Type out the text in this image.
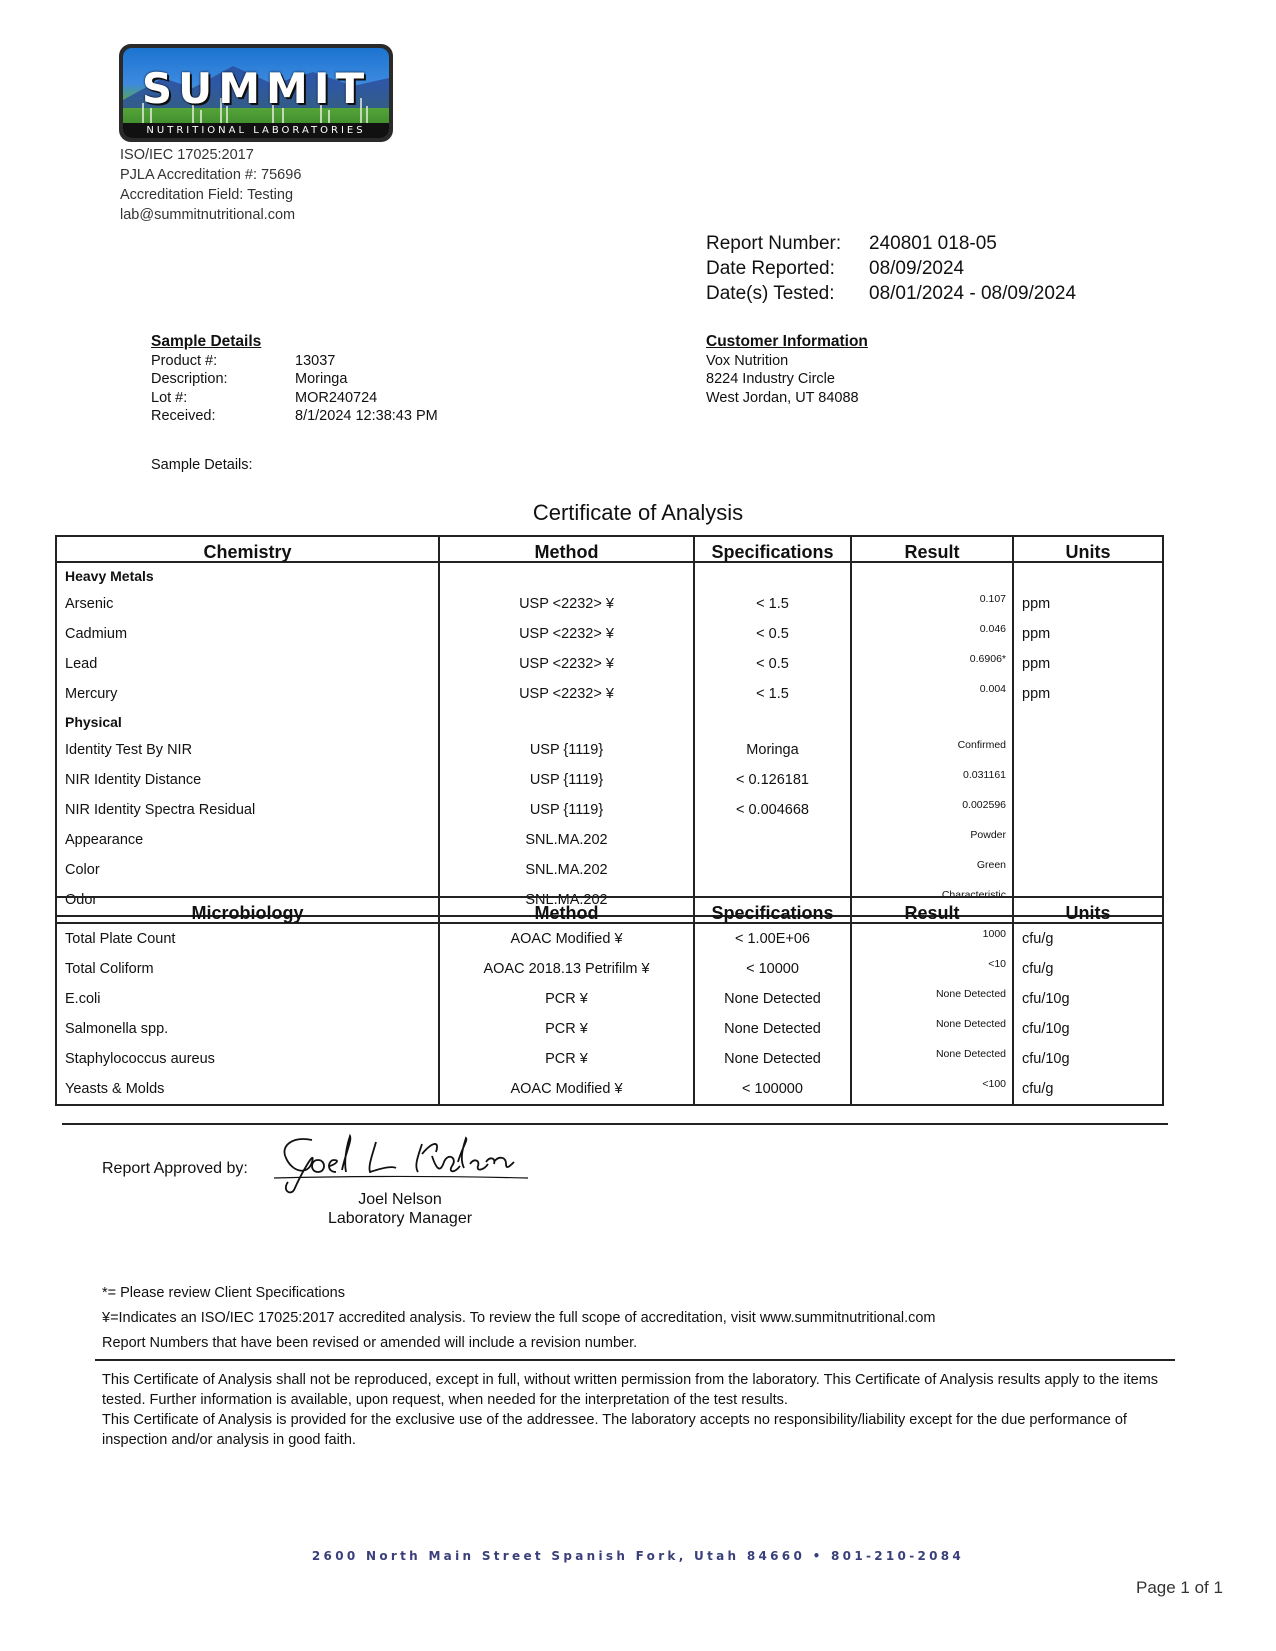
SUMMIT
NUTRITIONAL LABORATORIES
ISO/IEC 17025:2017
PJLA Accreditation #: 75696
Accreditation Field: Testing
lab@summitnutritional.com
Report Number:	240801 018-05
Date Reported:	08/09/2024
Date(s) Tested:	08/01/2024 - 08/09/2024
Sample Details
Product #:	13037
Description:	Moringa
Lot #:	MOR240724
Received:	8/1/2024 12:38:43 PM
Customer Information
Vox Nutrition
8224 Industry Circle
West Jordan, UT 84088
Sample Details:
Certificate of Analysis
Chemistry	Method	Specifications	Result	Units
Heavy Metals				
Arsenic	USP <2232> ¥	< 1.5	0.107	ppm
Cadmium	USP <2232> ¥	< 0.5	0.046	ppm
Lead	USP <2232> ¥	< 0.5	0.6906*	ppm
Mercury	USP <2232> ¥	< 1.5	0.004	ppm
Physical				
Identity Test By NIR	USP {1119}	Moringa	Confirmed	
NIR Identity Distance	USP {1119}	< 0.126181	0.031161	
NIR Identity Spectra Residual	USP {1119}	< 0.004668	0.002596	
Appearance	SNL.MA.202		Powder	
Color	SNL.MA.202		Green	
Odor	SNL.MA.202		Characteristic	
Microbiology	Method	Specifications	Result	Units
Total Plate Count	AOAC Modified ¥	< 1.00E+06	1000	cfu/g
Total Coliform	AOAC 2018.13 Petrifilm ¥	< 10000	<10	cfu/g
E.coli	PCR ¥	None Detected	None Detected	cfu/10g
Salmonella spp.	PCR ¥	None Detected	None Detected	cfu/10g
Staphylococcus aureus	PCR ¥	None Detected	None Detected	cfu/10g
Yeasts & Molds	AOAC Modified ¥	< 100000	<100	cfu/g
Report Approved by:
Joel Nelson
Laboratory Manager
*= Please review Client Specifications
¥=Indicates an ISO/IEC 17025:2017 accredited analysis. To review the full scope of accreditation, visit www.summitnutritional.com
Report Numbers that have been revised or amended will include a revision number.
This Certificate of Analysis shall not be reproduced, except in full, without written permission from the laboratory. This Certificate of Analysis results apply to the items tested. Further information is available, upon request, when needed for the interpretation of the test results.
This Certificate of Analysis is provided for the exclusive use of the addressee. The laboratory accepts no responsibility/liability except for the due performance of inspection and/or analysis in good faith.
2600 North Main Street Spanish Fork, Utah 84660 • 801-210-2084
Page 1 of 1
